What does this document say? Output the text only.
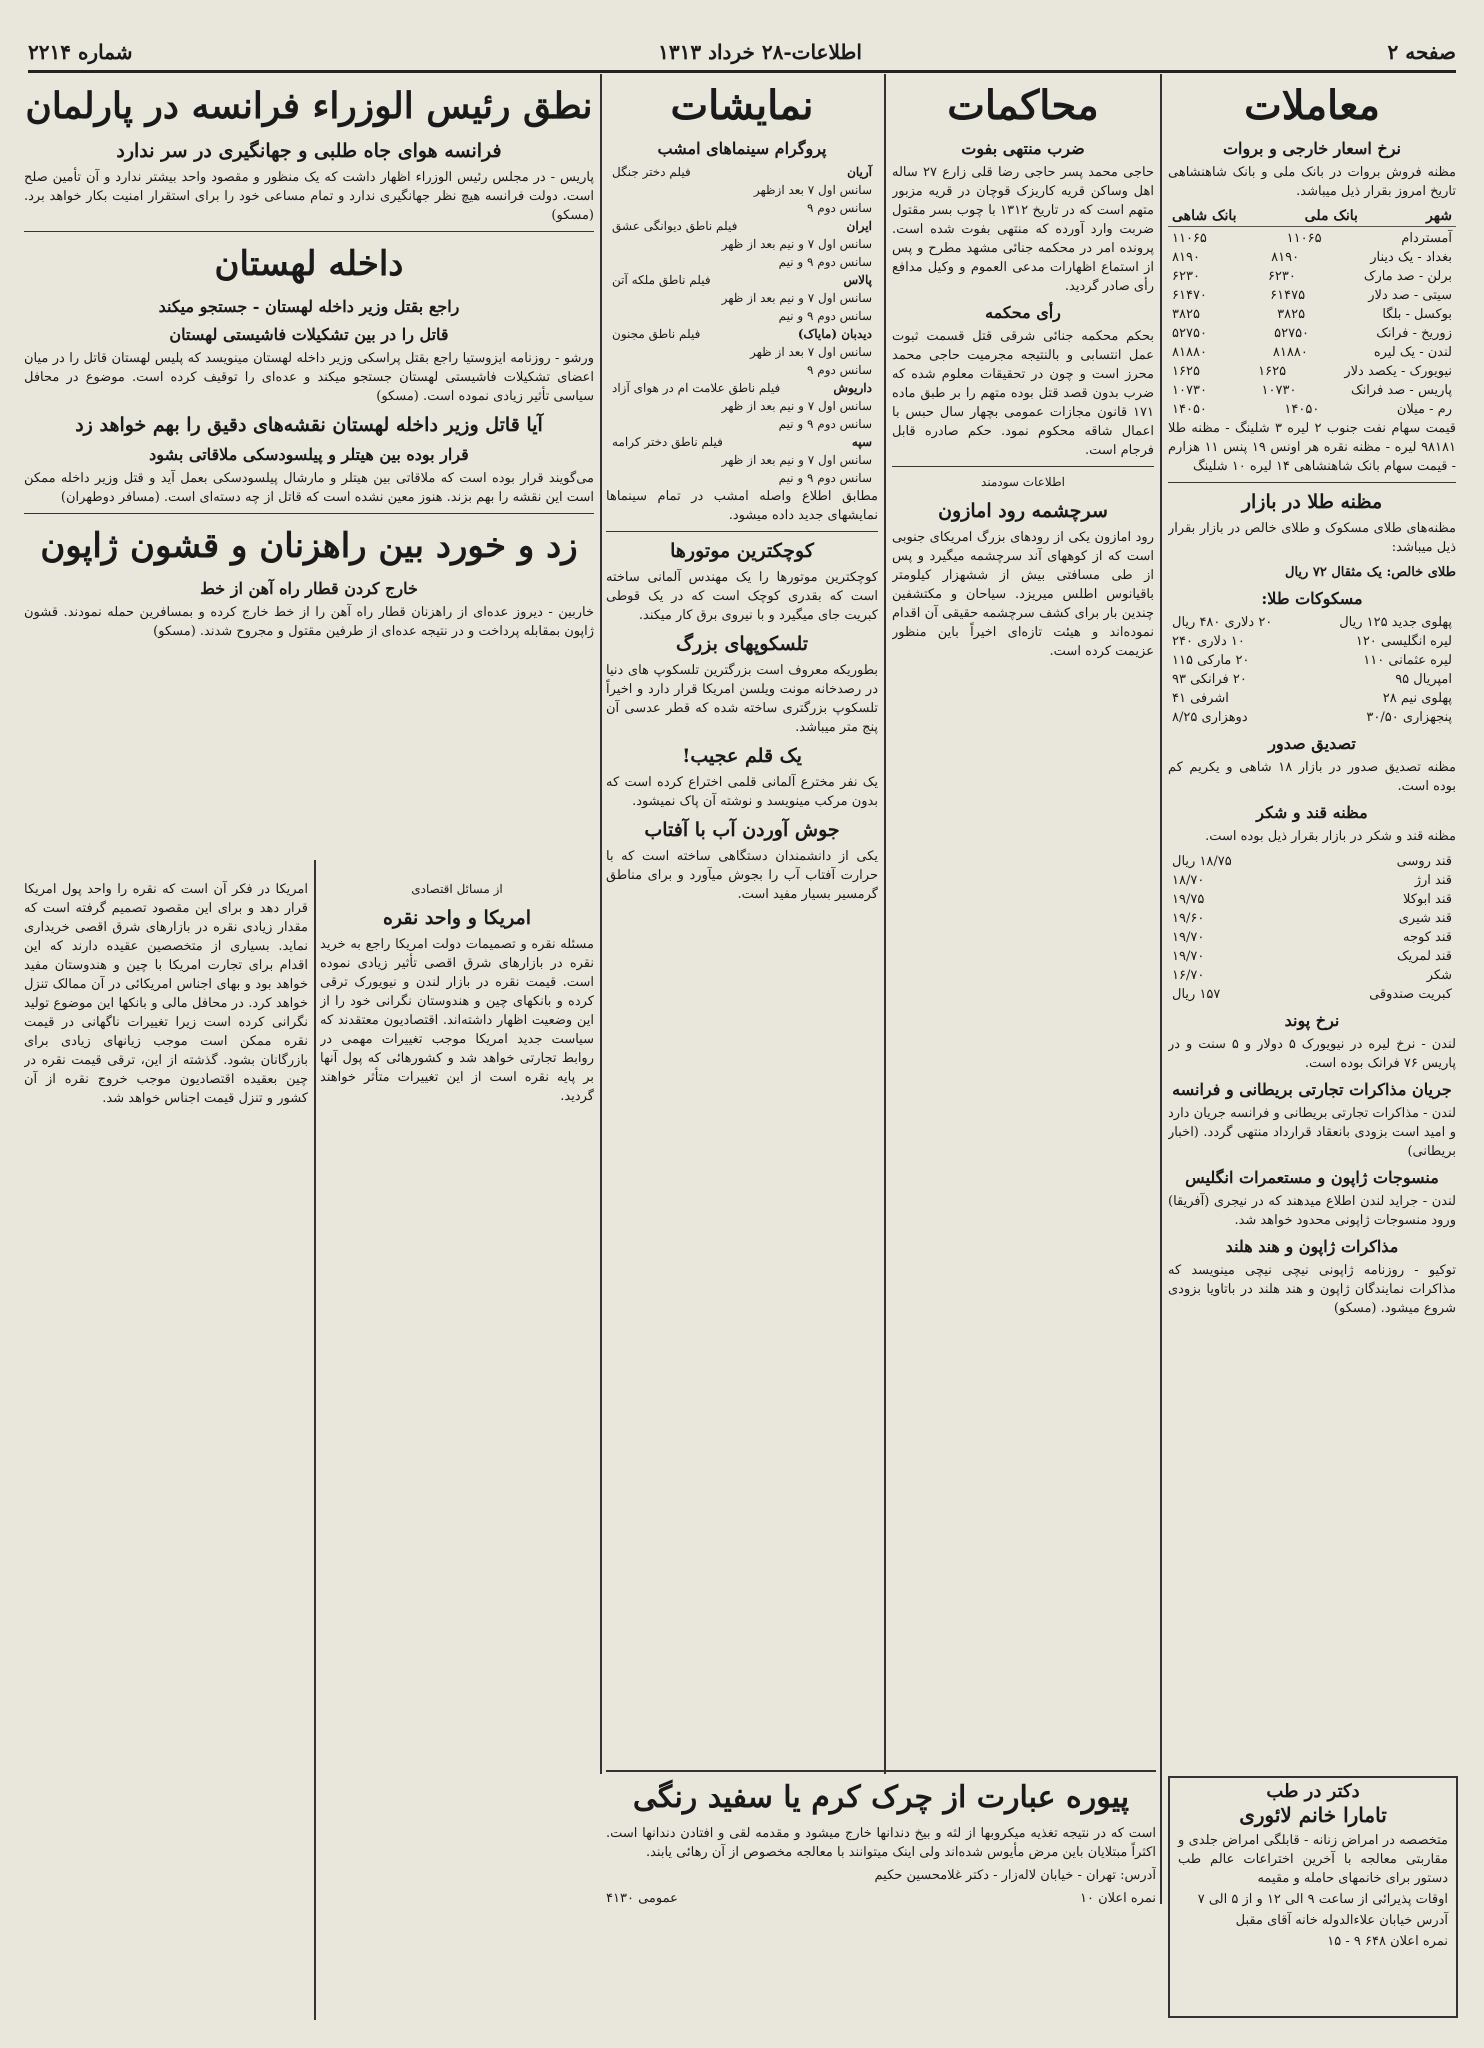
صفحه ۲
اطلاعات-۲۸ خرداد ۱۳۱۳
شماره ۲۲۱۴
معاملات
نرخ اسعار خارجی و بروات

مظنه فروش بروات در بانک ملی و بانک شاهنشاهی تاریخ امروز بقرار ذیل میباشد.

شهر
بانک ملی
بانک شاهی
آمستردام
۱۱۰۶۵
۱۱۰۶۵
بغداد - یک دینار
۸۱۹۰
۸۱۹۰
برلن - صد مارک
۶۲۳۰
۶۲۳۰
سیتی - صد دلار
۶۱۴۷۵
۶۱۴۷۰
بوکسل - بلگا
۳۸۲۵
۳۸۲۵
زوریخ - فرانک
۵۲۷۵۰
۵۲۷۵۰
لندن - یک لیره
۸۱۸۸۰
۸۱۸۸۰
نیویورک - یکصد دلار
۱۶۲۵
۱۶۲۵
پاریس - صد فرانک
۱۰۷۳۰
۱۰۷۳۰
رم - میلان
۱۴۰۵۰
۱۴۰۵۰

قیمت سهام نفت جنوب ۲ لیره ۳ شلینگ - مظنه طلا ۹۸۱۸۱ لیره - مظنه نقره هر اونس ۱۹ پنس ۱۱ هزارم - قیمت سهام بانک شاهنشاهی ۱۴ لیره ۱۰ شلینگ

مظنه طلا در بازار

مظنه‌های طلای مسکوک و طلای خالص در بازار بقرار ذیل میباشد:

طلای خالص: یک مثقال ۷۲ ریال

مسکوکات طلا:
پهلوی جدید ۱۲۵ ریال
۲۰ دلاری ۴۸۰ ریال
لیره انگلیسی ۱۲۰
۱۰ دلاری ۲۴۰
لیره عثمانی ۱۱۰
۲۰ مارکی ۱۱۵
امپریال ۹۵
۲۰ فرانکی ۹۳
پهلوی نیم ۲۸
اشرفی ۴۱
پنجهزاری ۳۰/۵۰
دوهزاری ۸/۲۵
تصدیق صدور

مظنه تصدیق صدور در بازار ۱۸ شاهی و یکریم کم بوده است.

مظنه قند و شکر

مظنه قند و شکر در بازار بقرار ذیل بوده است.

قند روسی
۱۸/۷۵ ریال
قند ارژ
۱۸/۷۰
قند ابوکلا
۱۹/۷۵
قند شیری
۱۹/۶۰
قند کوجه
۱۹/۷۰
قند لمریک
۱۹/۷۰
شکر
۱۶/۷۰
کبریت صندوقی
۱۵۷ ریال
نرخ پوند

لندن - نرخ لیره در نیویورک ۵ دولار و ۵ سنت و در پاریس ۷۶ فرانک بوده است.

جریان مذاکرات تجارتی بریطانی و فرانسه

لندن - مذاکرات تجارتی بریطانی و فرانسه جریان دارد و امید است بزودی بانعقاد قرارداد منتهی گردد. (اخبار بریطانی)

منسوجات ژاپون و مستعمرات انگلیس

لندن - جراید لندن اطلاع میدهند که در نیجری (آفریقا) ورود منسوجات ژاپونی محدود خواهد شد.

مذاکرات ژاپون و هند هلند

توکیو - روزنامه ژاپونی نیچی نیچی مینویسد که مذاکرات نمایندگان ژاپون و هند هلند در باتاویا بزودی شروع میشود. (مسکو)

محاکمات
ضرب منتهی بفوت

حاجی محمد پسر حاجی رضا قلی زارع ۲۷ ساله اهل وساکن قریه کاریزک قوچان در قریه مزبور متهم است که در تاریخ ۱۳۱۲ با چوب بسر مقتول ضربت وارد آورده که منتهی بفوت شده است. پرونده امر در محکمه جنائی مشهد مطرح و پس از استماع اظهارات مدعی العموم و وکیل مدافع رأی صادر گردید.

رأی محکمه

بحکم محکمه جنائی شرقی قتل قسمت ثبوت عمل انتسابی و بالنتیجه مجرمیت حاجی محمد محرز است و چون در تحقیقات معلوم شده که ضرب بدون قصد قتل بوده متهم را بر طبق ماده ۱۷۱ قانون مجازات عمومی بچهار سال حبس با اعمال شاقه محکوم نمود. حکم صادره قابل فرجام است.

اطلاعات سودمند
سرچشمه رود امازون

رود امازون یکی از رودهای بزرگ امریکای جنوبی است که از کوههای آند سرچشمه میگیرد و پس از طی مسافتی بیش از ششهزار کیلومتر باقیانوس اطلس میریزد. سیاحان و مکتشفین چندین بار برای کشف سرچشمه حقیقی آن اقدام نموده‌اند و هیئت تازه‌ای اخیراً باین منظور عزیمت کرده است.

نمایشات
پروگرام سینماهای امشب
آریان
فیلم دختر جنگل
سانس اول ۷ بعد ازظهر
سانس دوم ۹
ایران
فیلم ناطق دیوانگی عشق
سانس اول ۷ و نیم بعد از ظهر
سانس دوم ۹ و نیم
پالاس
فیلم ناطق ملکه آتن
سانس اول ۷ و نیم بعد از ظهر
سانس دوم ۹ و نیم
دیدبان (مایاک)
فیلم ناطق مجنون
سانس اول ۷ بعد از ظهر
سانس دوم ۹
داریوش
فیلم ناطق علامت ام در هوای آزاد
سانس اول ۷ و نیم بعد از ظهر
سانس دوم ۹ و نیم
سپه
فیلم ناطق دختر کرامه
سانس اول ۷ و نیم بعد از ظهر
سانس دوم ۹ و نیم

مطابق اطلاع واصله امشب در تمام سینماها نمایشهای جدید داده میشود.

کوچکترین موتورها

کوچکترین موتورها را یک مهندس آلمانی ساخته است که بقدری کوچک است که در یک قوطی کبریت جای میگیرد و با نیروی برق کار میکند.

تلسکوپهای بزرگ

بطوریکه معروف است بزرگترین تلسکوپ های دنیا در رصدخانه مونت ویلسن امریکا قرار دارد و اخیراً تلسکوپ بزرگتری ساخته شده که قطر عدسی آن پنج متر میباشد.

یک قلم عجیب!

یک نفر مخترع آلمانی قلمی اختراع کرده است که بدون مرکب مینویسد و نوشته آن پاک نمیشود.

جوش آوردن آب با آفتاب

یکی از دانشمندان دستگاهی ساخته است که با حرارت آفتاب آب را بجوش میآورد و برای مناطق گرمسیر بسیار مفید است.

نطق رئیس الوزراء فرانسه در پارلمان
فرانسه هوای جاه طلبی و جهانگیری در سر ندارد

پاریس - در مجلس رئیس الوزراء اظهار داشت که یک منظور و مقصود واحد بیشتر ندارد و آن تأمین صلح است. دولت فرانسه هیچ نظر جهانگیری ندارد و تمام مساعی خود را برای استقرار امنیت بکار خواهد برد. (مسکو)

داخله لهستان
راجع بقتل وزیر داخله لهستان - جستجو میکند
قاتل را در بین تشکیلات فاشیستی لهستان

ورشو - روزنامه ایزوستیا راجع بقتل پراسکی وزیر داخله لهستان مینویسد که پلیس لهستان قاتل را در میان اعضای تشکیلات فاشیستی لهستان جستجو میکند و عده‌ای را توقیف کرده است. موضوع در محافل سیاسی تأثیر زیادی نموده است. (مسکو)

آیا قاتل وزیر داخله لهستان نقشه‌های دقیق را بهم خواهد زد
قرار بوده بین هیتلر و پیلسودسکی ملاقاتی بشود

می‌گویند قرار بوده است که ملاقاتی بین هیتلر و مارشال پیلسودسکی بعمل آید و قتل وزیر داخله ممکن است این نقشه را بهم بزند. هنوز معین نشده است که قاتل از چه دسته‌ای است. (مسافر دوطهران)

زد و خورد بین راهزنان و قشون ژاپون
خارج کردن قطار راه آهن از خط

خاربین - دیروز عده‌ای از راهزنان قطار راه آهن را از خط خارج کرده و بمسافرین حمله نمودند. قشون ژاپون بمقابله پرداخت و در نتیجه عده‌ای از طرفین مقتول و مجروح شدند. (مسکو)

از مسائل اقتصادی
امریکا و واحد نقره

مسئله نقره و تصمیمات دولت امریکا راجع به خرید نقره در بازارهای شرق اقصی تأثیر زیادی نموده است. قیمت نقره در بازار لندن و نیویورک ترقی کرده و بانکهای چین و هندوستان نگرانی خود را از این وضعیت اظهار داشته‌اند. اقتصادیون معتقدند که سیاست جدید امریکا موجب تغییرات مهمی در روابط تجارتی خواهد شد و کشورهائی که پول آنها بر پایه نقره است از این تغییرات متأثر خواهند گردید.

امریکا در فکر آن است که نقره را واحد پول امریکا قرار دهد و برای این مقصود تصمیم گرفته است که مقدار زیادی نقره در بازارهای شرق اقصی خریداری نماید. بسیاری از متخصصین عقیده دارند که این اقدام برای تجارت امریکا با چین و هندوستان مفید خواهد بود و بهای اجناس امریکائی در آن ممالک تنزل خواهد کرد. در محافل مالی و بانکها این موضوع تولید نگرانی کرده است زیرا تغییرات ناگهانی در قیمت نقره ممکن است موجب زیانهای زیادی برای بازرگانان بشود. گذشته از این، ترقی قیمت نقره در چین بعقیده اقتصادیون موجب خروج نقره از آن کشور و تنزل قیمت اجناس خواهد شد.

پیوره عبارت از چرک کرم یا سفید رنگی

است که در نتیجه تغذیه میکروبها از لثه و بیخ دندانها خارج میشود و مقدمه لقی و افتادن دندانها است. اکثراً مبتلایان باین مرض مأیوس شده‌اند ولی اینک میتوانند با معالجه مخصوص از آن رهائی یابند.

آدرس: تهران - خیابان لاله‌زار - دکتر غلامحسین حکیم

نمره اعلان ۱۰
عمومی ۴۱۳۰
دکتر در طب
تامارا خانم لائوری

متخصصه در امراض زنانه - قابلگی امراض جلدی و مقاربتی معالجه با آخرین اختراعات عالم طب دستور برای خانمهای حامله و مقیمه

اوقات پذیرائی از ساعت ۹ الی ۱۲ و از ۵ الی ۷

آدرس خیابان علاءالدوله خانه آقای مقبل

نمره اعلان ۶۴۸ ۹ - ۱۵
